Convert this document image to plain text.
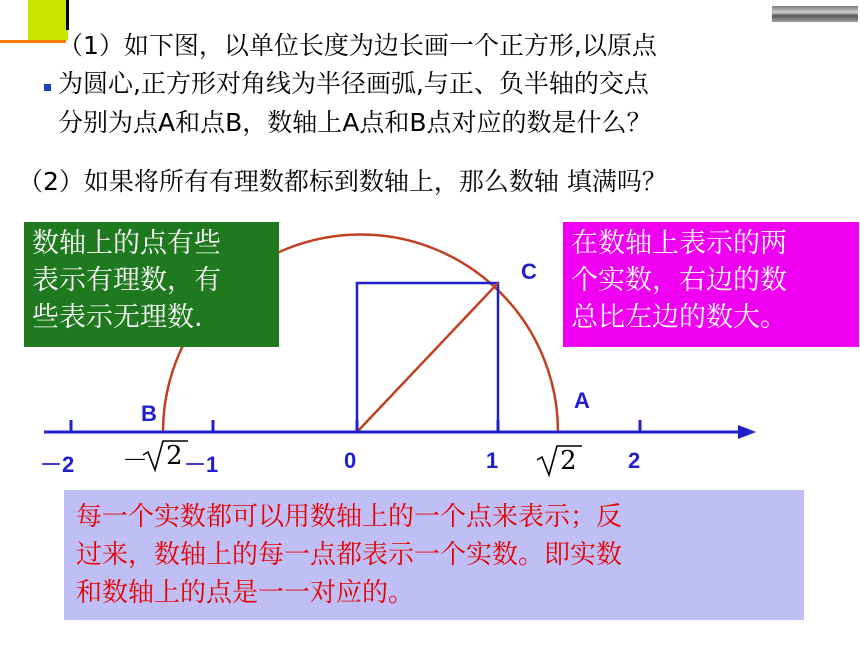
（1）如下图，以单位长度为边长画一个正方形,以原点
为圆心,正方形对角线为半径画弧,与正、负半轴的交点
分别为点A和点B，数轴上A点和B点对应的数是什么？
（2）如果将所有有理数都标到数轴上，那么数轴 填满吗？
C
B
A
－2 － 2 －1	0	1 2 2
数轴上的点有些
表示有理数，有
些表示无理数.
在数轴上表示的两
个实数，右边的数
总比左边的数大。
每一个实数都可以用数轴上的一个点来表示；反
过来，数轴上的每一点都表示一个实数。即实数
和数轴上的点是一一对应的。
